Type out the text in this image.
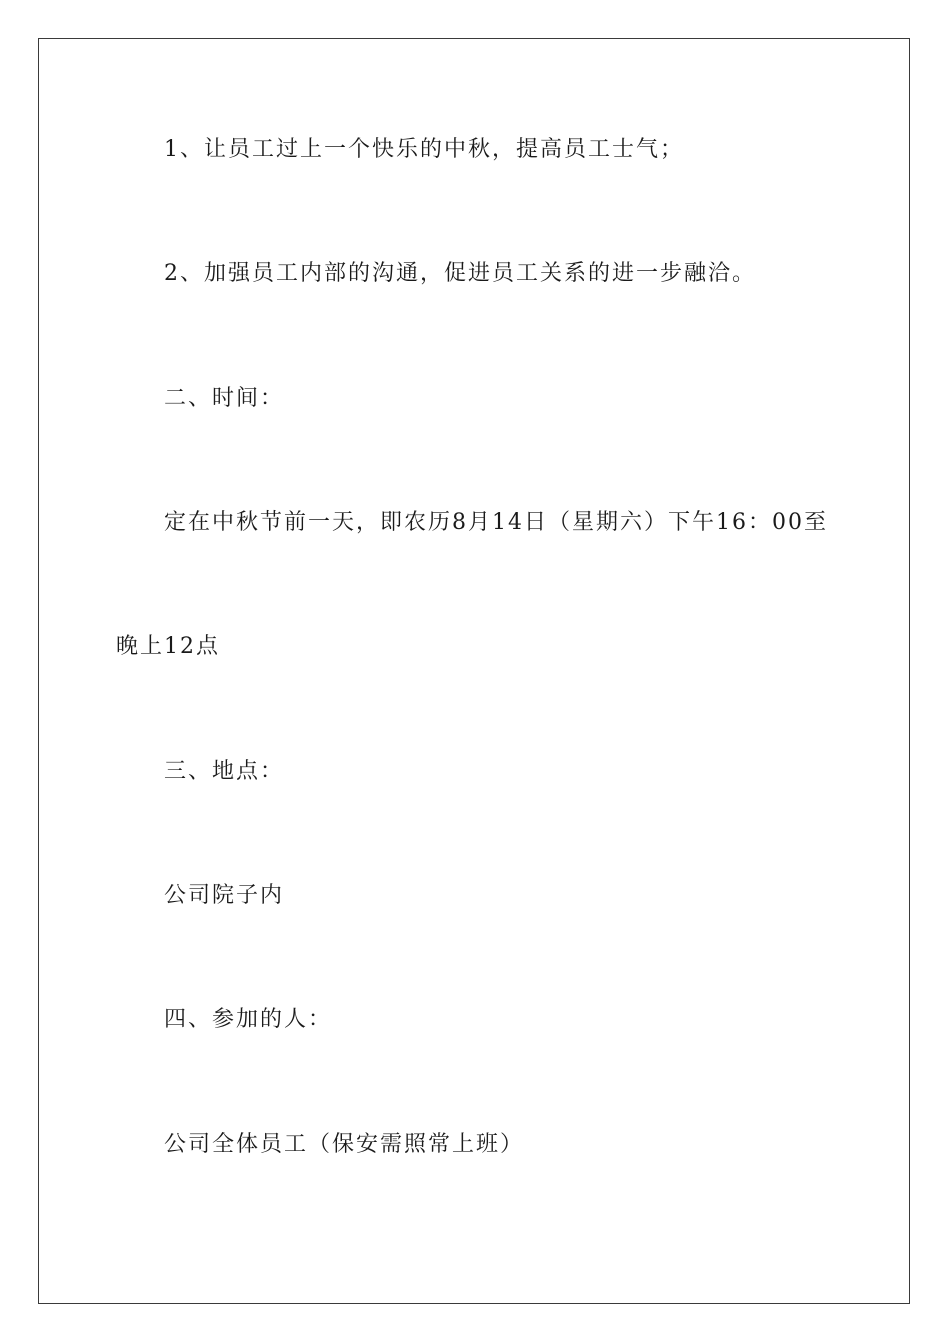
1、让员工过上一个快乐的中秋，提高员工士气；
2、加强员工内部的沟通，促进员工关系的进一步融洽。
二、时间：
定在中秋节前一天，即农历8月14日（星期六）下午16：00至
晚上12点
三、地点：
公司院子内
四、参加的人：
公司全体员工（保安需照常上班）
